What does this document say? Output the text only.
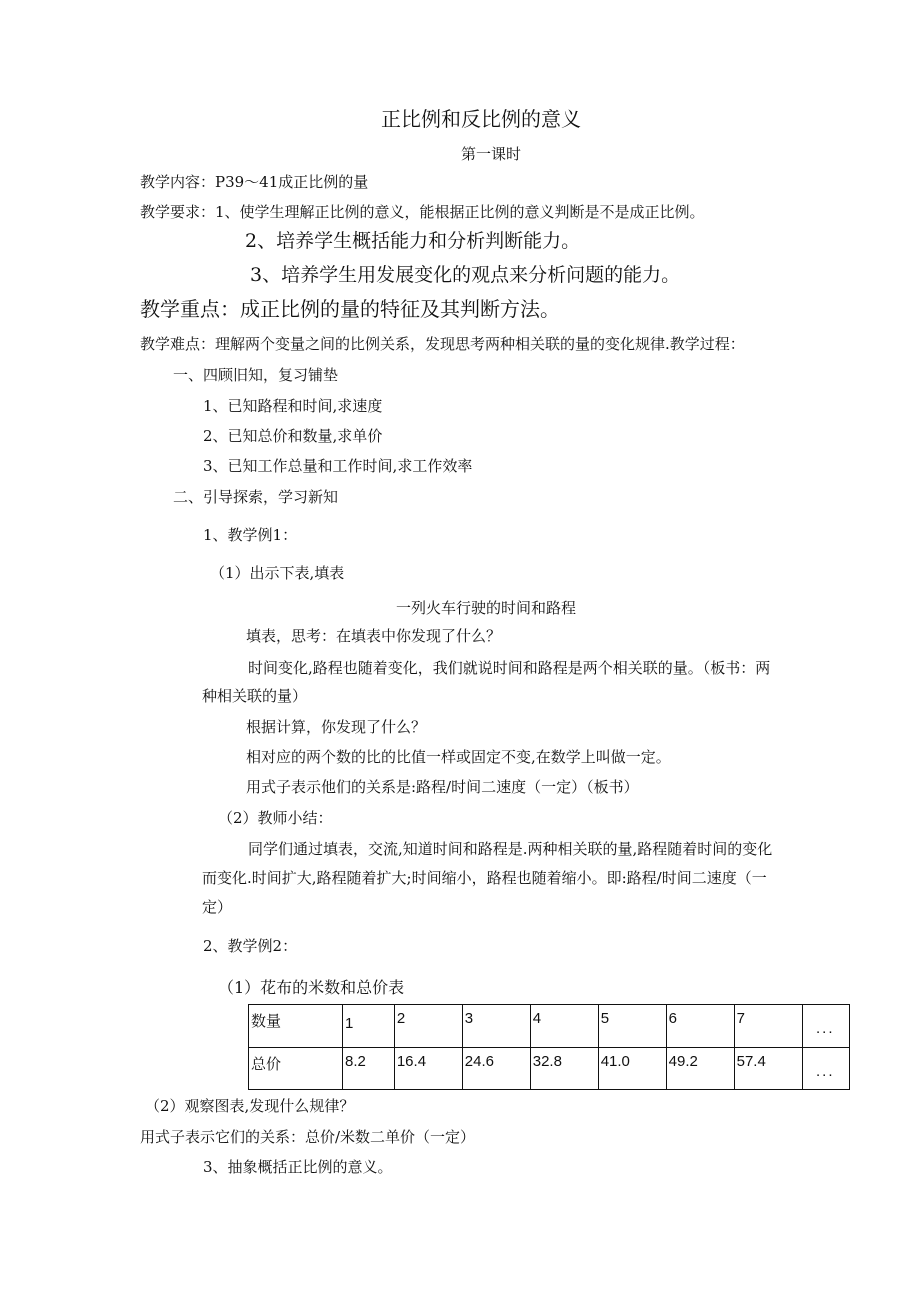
正比例和反比例的意义

第一课时

教学内容：P39～41成正比例的量

教学要求：1、使学生理解正比例的意义，能根据正比例的意义判断是不是成正比例。

2、培养学生概括能力和分析判断能力。

3、培养学生用发展变化的观点来分析问题的能力。

教学重点：成正比例的量的特征及其判断方法。

教学难点：理解两个变量之间的比例关系，发现思考两种相关联的量的变化规律.教学过程：

一、四顾旧知，复习铺垫

1、已知路程和时间,求速度

2、已知总价和数量,求单价

3、已知工作总量和工作时间,求工作效率

二、引导探索，学习新知

1、教学例1：

（1）出示下表,填表

一列火车行驶的时间和路程

填表，思考：在填表中你发现了什么？

时间变化,路程也随着变化，我们就说时间和路程是两个相关联的量。（板书：两

种相关联的量）

根据计算，你发现了什么？

相对应的两个数的比的比值一样或固定不变,在数学上叫做一定。

用式子表示他们的关系是:路程/时间二速度（一定）（板书）

（2）教师小结：

同学们通过填表，交流,知道时间和路程是.两种相关联的量,路程随着时间的变化

而变化.时间扩大,路程随着扩大;时间缩小，路程也随着缩小。即:路程/时间二速度（一

定）

2、教学例2：

（1）花布的米数和总价表

数量	1	2	3	4	5	6	7	...
总价	8.2	16.4	24.6	32.8	41.0	49.2	57.4	...

（2）观察图表,发现什么规律？

用式子表示它们的关系：总价/米数二单价（一定）

3、抽象概括正比例的意义。
